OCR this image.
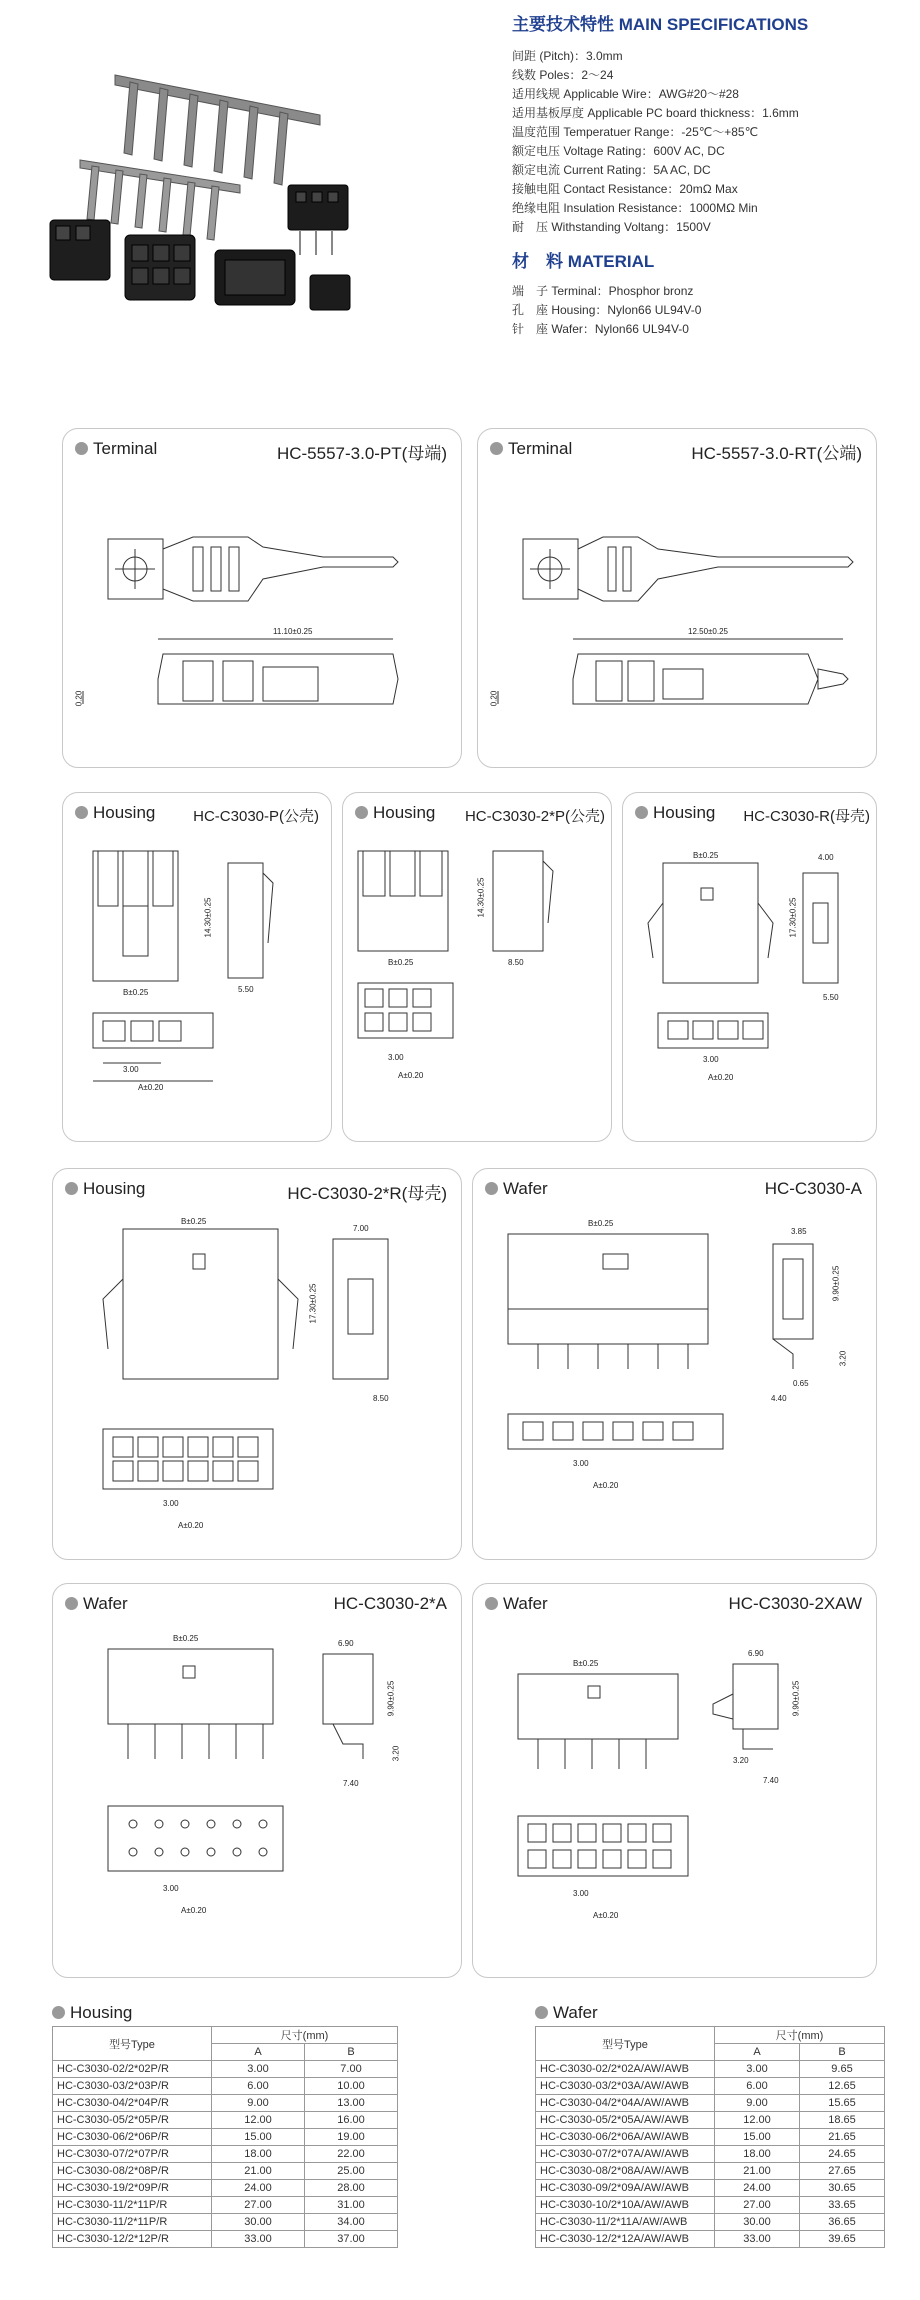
主要技术特性 MAIN SPECIFICATIONS
间距 (Pitch)：3.0mm
线数 Poles：2～24
适用线规 Applicable Wire：AWG#20～#28
适用基板厚度 Applicable PC board thickness：1.6mm
温度范围 Temperatuer Range：-25℃～+85℃
额定电压 Voltage Rating：600V AC, DC
额定电流 Current Rating：5A AC, DC
接触电阻 Contact Resistance：20mΩ Max
绝缘电阻 Insulation Resistance：1000MΩ Min
耐　压 Withstanding Voltang：1500V
材　料 MATERIAL
端　子 Terminal：Phosphor bronz
孔　座 Housing：Nylon66 UL94V-0
针　座 Wafer：Nylon66 UL94V-0
Terminal	HC-5557-3.0-PT(母端)
11.10±0.25
0.20
Terminal	HC-5557-3.0-RT(公端)
12.50±0.25
0.20
Housing	HC-C3030-P(公壳)
B±0.25
14.30±0.25
5.50
3.00
A±0.20
Housing HC-C3030-2*P(公壳)
B±0.25
14.30±0.25
8.50
3.00
A±0.20
Housing HC-C3030-R(母壳)
B±0.25
17.30±0.25
4.00
5.50
3.00
A±0.20
Housing	HC-C3030-2*R(母壳)
B±0.25
17.30±0.25
7.00
8.50
3.00
A±0.20
Wafer	HC-C3030-A
B±0.25
3.85
9.90±0.25
3.20
0.65
4.40
3.00
A±0.20
Wafer	HC-C3030-2*A
B±0.25
6.90
9.90±0.25
3.20
7.40
3.00
A±0.20
Wafer	HC-C3030-2XAW
B±0.25
6.90
9.90±0.25
3.20
7.40
3.00
A±0.20
Housing
型号Type	尺寸(mm)	
	A	B
HC-C3030-02/2*02P/R	3.00	7.00
HC-C3030-03/2*03P/R	6.00	10.00
HC-C3030-04/2*04P/R	9.00	13.00
HC-C3030-05/2*05P/R	12.00	16.00
HC-C3030-06/2*06P/R	15.00	19.00
HC-C3030-07/2*07P/R	18.00	22.00
HC-C3030-08/2*08P/R	21.00	25.00
HC-C3030-19/2*09P/R	24.00	28.00
HC-C3030-11/2*11P/R	27.00	31.00
HC-C3030-11/2*11P/R	30.00	34.00
HC-C3030-12/2*12P/R	33.00	37.00
Wafer
型号Type	尺寸(mm)	
	A	B
HC-C3030-02/2*02A/AW/AWB	3.00	9.65
HC-C3030-03/2*03A/AW/AWB	6.00	12.65
HC-C3030-04/2*04A/AW/AWB	9.00	15.65
HC-C3030-05/2*05A/AW/AWB	12.00	18.65
HC-C3030-06/2*06A/AW/AWB	15.00	21.65
HC-C3030-07/2*07A/AW/AWB	18.00	24.65
HC-C3030-08/2*08A/AW/AWB	21.00	27.65
HC-C3030-09/2*09A/AW/AWB	24.00	30.65
HC-C3030-10/2*10A/AW/AWB	27.00	33.65
HC-C3030-11/2*11A/AW/AWB	30.00	36.65
HC-C3030-12/2*12A/AW/AWB	33.00	39.65
